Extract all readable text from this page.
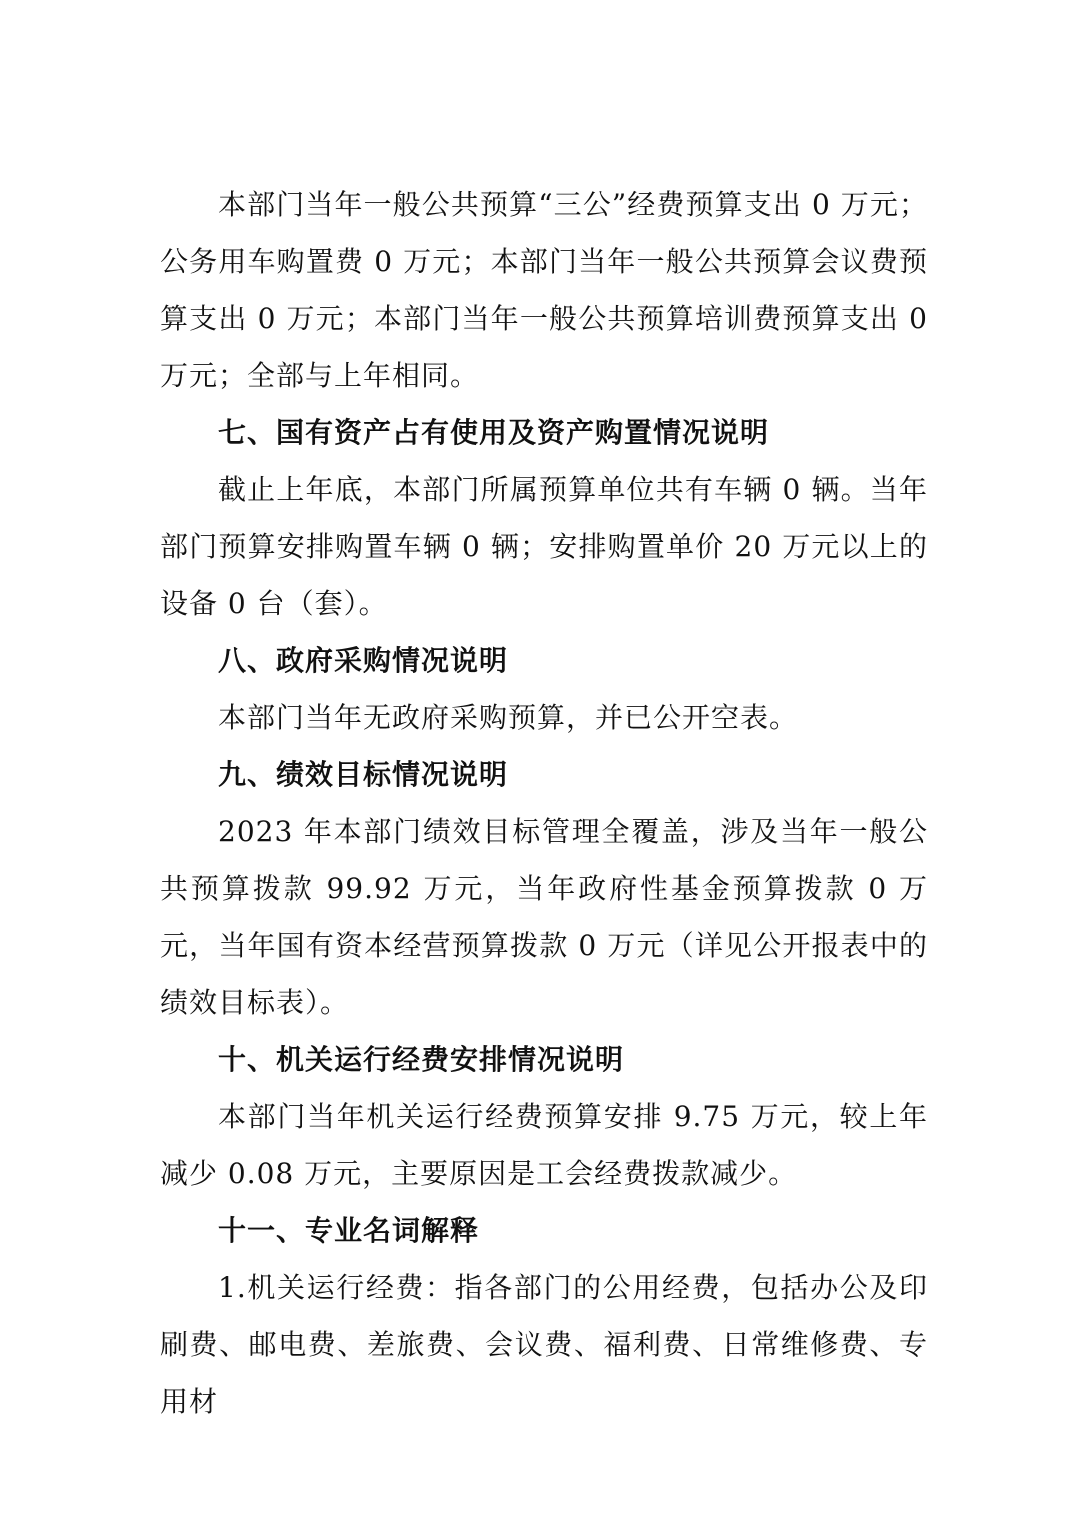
本部门当年一般公共预算“三公”经费预算支出 0 万元；公务用车购置费 0 万元；本部门当年一般公共预算会议费预算支出 0 万元；本部门当年一般公共预算培训费预算支出 0 万元；全部与上年相同。

七、国有资产占有使用及资产购置情况说明

截止上年底，本部门所属预算单位共有车辆 0 辆。当年部门预算安排购置车辆 0 辆；安排购置单价 20 万元以上的设备 0 台（套）。

八、政府采购情况说明

本部门当年无政府采购预算，并已公开空表。

九、绩效目标情况说明

2023 年本部门绩效目标管理全覆盖，涉及当年一般公共预算拨款 99.92 万元，当年政府性基金预算拨款 0 万元，当年国有资本经营预算拨款 0 万元（详见公开报表中的绩效目标表）。

十、机关运行经费安排情况说明

本部门当年机关运行经费预算安排 9.75 万元，较上年减少 0.08 万元，主要原因是工会经费拨款减少。

十一、专业名词解释

1.机关运行经费：指各部门的公用经费，包括办公及印刷费、邮电费、差旅费、会议费、福利费、日常维修费、专用材
